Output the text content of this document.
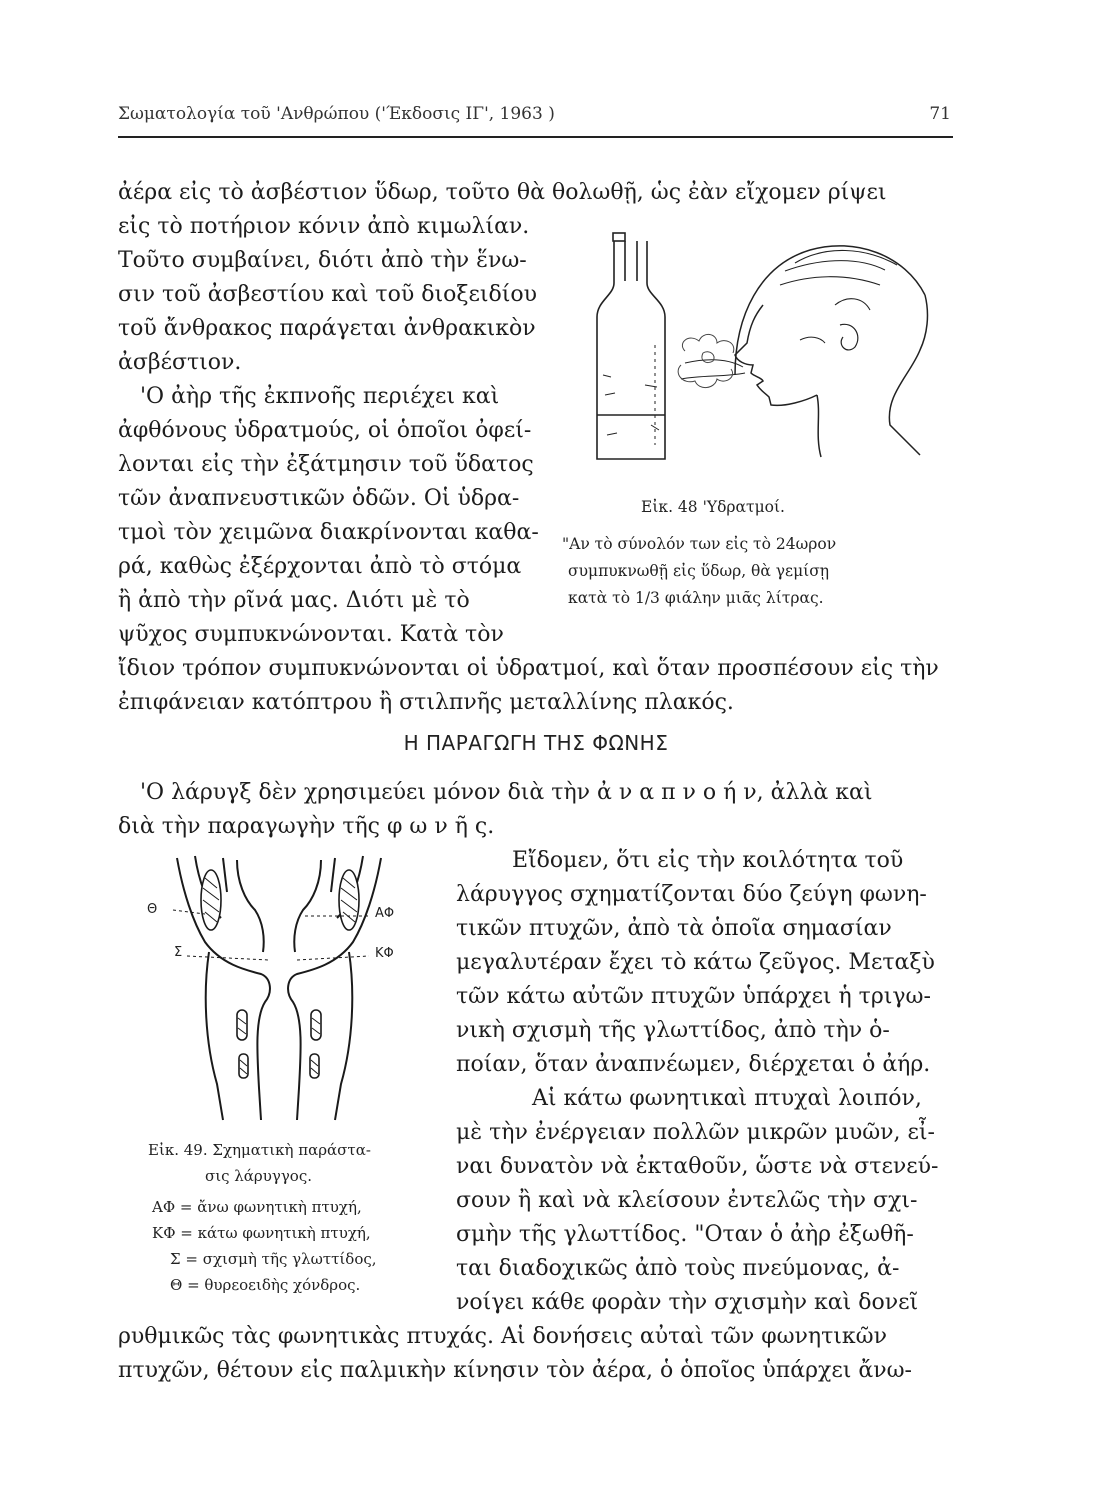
Σωματολογία τοῦ 'Ανθρώπου ('Έκδοσις ΙΓ', 1963 )	71
ἀέρα εἰς τὸ ἀσβέστιον ὕδωρ, τοῦτο θὰ θολωθῇ, ὡς ἐὰν εἴχομεν ρίψει
εἰς τὸ ποτήριον κόνιν ἀπὸ κιμωλίαν.
Τοῦτο συμβαίνει, διότι ἀπὸ τὴν ἕνω-
σιν τοῦ ἀσβεστίου καὶ τοῦ διοξειδίου
τοῦ ἄνθρακος παράγεται ἀνθρακικὸν
ἀσβέστιον.
'Ο ἀὴρ τῆς ἐκπνοῆς περιέχει καὶ
ἀφθόνους ὑδρατμούς, οἱ ὁποῖοι ὀφεί-
λονται εἰς τὴν ἐξάτμησιν τοῦ ὕδατος
τῶν ἀναπνευστικῶν ὁδῶν. Οἱ ὑδρα-
τμοὶ τὸν χειμῶνα διακρίνονται καθα-
ρά, καθὼς ἐξέρχονται ἀπὸ τὸ στόμα
ἢ ἀπὸ τὴν ρῖνά μας. Διότι μὲ τὸ
ψῦχος συμπυκνώνονται. Κατὰ τὸν
ἴδιον τρόπον συμπυκνώνονται οἱ ὑδρατμοί, καὶ ὅταν προσπέσουν εἰς τὴν
ἐπιφάνειαν κατόπτρου ἢ στιλπνῆς μεταλλίνης πλακός.
Εἰκ. 48 'Υδρατμοί.
"Αν τὸ σύνολόν των εἰς τὸ 24ωρον
συμπυκνωθῇ εἰς ὕδωρ, θὰ γεμίσῃ
κατὰ τὸ 1/3 φιάλην μιᾶς λίτρας.
Η ΠΑΡΑΓΩΓΗ ΤΗΣ ΦΩΝΗΣ
'Ο λάρυγξ δὲν χρησιμεύει μόνον διὰ τὴν ἀ ν α π ν ο ή ν, ἀλλὰ καὶ
διὰ τὴν παραγωγὴν τῆς φ ω ν ῆ ς.
Εἴδομεν, ὅτι εἰς τὴν κοιλότητα τοῦ
λάρυγγος σχηματίζονται δύο ζεύγη φωνη-
τικῶν πτυχῶν, ἀπὸ τὰ ὁποῖα σημασίαν
μεγαλυτέραν ἔχει τὸ κάτω ζεῦγος. Μεταξὺ
τῶν κάτω αὐτῶν πτυχῶν ὑπάρχει ἡ τριγω-
νικὴ σχισμὴ τῆς γλωττίδος, ἀπὸ τὴν ὁ-
ποίαν, ὅταν ἀναπνέωμεν, διέρχεται ὁ ἀήρ.
Αἱ κάτω φωνητικαὶ πτυχαὶ λοιπόν,
μὲ τὴν ἐνέργειαν πολλῶν μικρῶν μυῶν, εἶ-
ναι δυνατὸν νὰ ἐκταθοῦν, ὥστε νὰ στενεύ-
σουν ἢ καὶ νὰ κλείσουν ἐντελῶς τὴν σχι-
σμὴν τῆς γλωττίδος. "Οταν ὁ ἀὴρ ἐξωθῆ-
ται διαδοχικῶς ἀπὸ τοὺς πνεύμονας, ἀ-
νοίγει κάθε φορὰν τὴν σχισμὴν καὶ δονεῖ
ρυθμικῶς τὰς φωνητικὰς πτυχάς. Αἱ δονήσεις αὐταὶ τῶν φωνητικῶν
πτυχῶν, θέτουν εἰς παλμικὴν κίνησιν τὸν ἀέρα, ὁ ὁποῖος ὑπάρχει ἄνω-
Θ
Σ
ΑΦ
ΚΦ
Εἰκ. 49. Σχηματικὴ παράστα-
σις λάρυγγος.
ΑΦ = ἄνω φωνητικὴ πτυχή,
ΚΦ = κάτω φωνητικὴ πτυχή,
Σ = σχισμὴ τῆς γλωττίδος,
Θ = θυρεοειδὴς χόνδρος.
